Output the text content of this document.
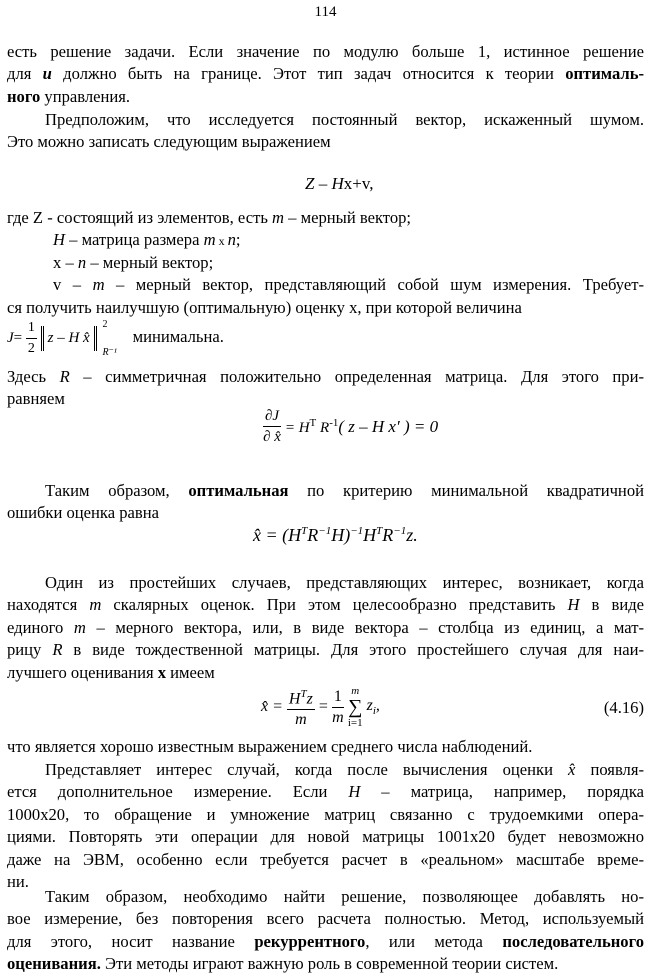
114
есть решение задачи. Если значение по модулю больше 1, истинное решение
для u должно быть на границе. Этот тип задач относится к теории оптималь-
ного управления.
Предположим, что исследуется постоянный вектор, искаженный шумом.
Это можно записать следующим выражением
Z – Hx+v,
где Z - состоящий из элементов, есть m – мерный вектор;
H – матрица размера m x n;
x – n – мерный вектор;
v – m – мерный вектор, представляющий собой шум измерения. Требует-
ся получить наилучшую (оптимальную) оценку x, при которой величина
$J= \frac{1}{2}$ z – H x̂
2
R⁻¹
минимальна.
Здесь R – симметричная положительно определенная матрица. Для этого при-
равняем
$\frac{\partial J}{\partial x̂} = H^T$ $R^{-1}$( z – H x′ ) = 0
Таким образом, оптимальная по критерию минимальной квадратичной
ошибки оценка равна
x̂ = $(H^TR^{-1}H)^{-1}H^TR^{-1}z$.
Один из простейших случаев, представляющих интерес, возникает, когда
находятся m скалярных оценок. При этом целесообразно представить H в виде
единого m – мерного вектора, или, в виде вектора – столбца из единиц, а мат-
рицу R в виде тождественной матрицы. Для этого простейшего случая для наи-
лучшего оценивания x имеем
x̂ = $\frac{H^Tz}{m} = \frac{1}{m}$
m
∑
i=1
$z_i$,	(4.16)
что является хорошо известным выражением среднего числа наблюдений.
Представляет интерес случай, когда после вычисления оценки x̂ появля-
ется дополнительное измерение. Если H – матрица, например, порядка
1000x20, то обращение и умножение матриц связанно с трудоемкими опера-
циями. Повторять эти операции для новой матрицы 1001x20 будет невозможно
даже на ЭВМ, особенно если требуется расчет в «реальном» масштабе време-
ни.
Таким образом, необходимо найти решение, позволяющее добавлять но-
вое измерение, без повторения всего расчета полностью. Метод, используемый
для этого, носит название рекуррентного, или метода последовательного
оценивания. Эти методы играют важную роль в современной теории систем.
